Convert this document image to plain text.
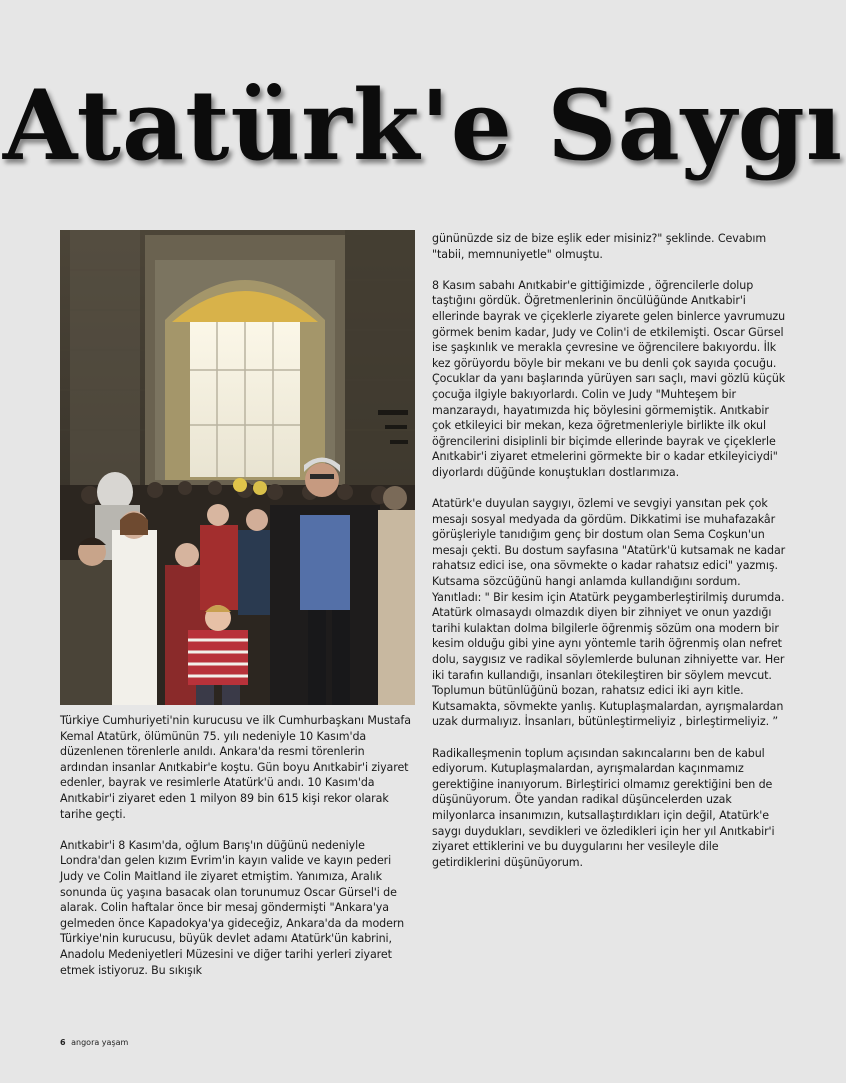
Atatürk'e Saygı

Türkiye Cumhuriyeti'nin kurucusu ve ilk Cumhurbaşkanı Mustafa Kemal Atatürk, ölümünün 75. yılı nedeniyle 10 Kasım'da düzenlenen törenlerle anıldı. Ankara'da resmi törenlerin ardından insanlar Anıtkabir'e koştu. Gün boyu Anıtkabir'i ziyaret edenler, bayrak ve resimlerle Atatürk'ü andı. 10 Kasım'da Anıtkabir'i ziyaret eden 1 milyon 89 bin 615 kişi rekor olarak tarihe geçti.

Anıtkabir'i 8 Kasım'da, oğlum Barış'ın düğünü nedeniyle Londra'dan gelen kızım Evrim'in kayın valide ve kayın pederi Judy ve Colin Maitland ile ziyaret etmiştim. Yanımıza, Aralık sonunda üç yaşına basacak olan torunumuz Oscar Gürsel'i de alarak. Colin haftalar önce bir mesaj göndermişti "Ankara'ya gelmeden önce Kapadokya'ya gideceğiz, Ankara'da da modern Türkiye'nin kurucusu, büyük devlet adamı Atatürk'ün kabrini, Anadolu Medeniyetleri Müzesini ve diğer tarihi yerleri ziyaret etmek istiyoruz. Bu sıkışık

gününüzde siz de bize eşlik eder misiniz?" şeklinde. Cevabım "tabii, memnuniyetle" olmuştu.

8 Kasım sabahı Anıtkabir'e gittiğimizde , öğrencilerle dolup taştığını gördük. Öğretmenlerinin öncülüğünde Anıtkabir'i ellerinde bayrak ve çiçeklerle ziyarete gelen binlerce yavrumuzu görmek benim kadar, Judy ve Colin'i de etkilemişti. Oscar Gürsel ise şaşkınlık ve merakla çevresine ve öğrencilere bakıyordu. İlk kez görüyordu böyle bir mekanı ve bu denli çok sayıda çocuğu. Çocuklar da yanı başlarında yürüyen sarı saçlı, mavi gözlü küçük çocuğa ilgiyle bakıyorlardı. Colin ve Judy "Muhteşem bir manzaraydı, hayatımızda hiç böylesini görmemiştik. Anıtkabir çok etkileyici bir mekan, keza öğretmenleriyle birlikte ilk okul öğrencilerini disiplinli bir biçimde ellerinde bayrak ve çiçeklerle Anıtkabir'i ziyaret etmelerini görmekte bir o kadar etkileyiciydi" diyorlardı düğünde konuştukları dostlarımıza.

Atatürk'e duyulan saygıyı, özlemi ve sevgiyi yansıtan pek çok mesajı sosyal medyada da gördüm. Dikkatimi ise muhafazakâr görüşleriyle tanıdığım genç bir dostum olan Sema Coşkun'un mesajı çekti. Bu dostum sayfasına "Atatürk'ü kutsamak ne kadar rahatsız edici ise, ona sövmekte o kadar rahatsız edici" yazmış. Kutsama sözcüğünü hangi anlamda kullandığını sordum. Yanıtladı: " Bir kesim için Atatürk peygamberleştirilmiş durumda. Atatürk olmasaydı olmazdık diyen bir zihniyet ve onun yazdığı tarihi kulaktan dolma bilgilerle öğrenmiş sözüm ona modern bir kesim olduğu gibi yine aynı yöntemle tarih öğrenmiş olan nefret dolu, saygısız ve radikal söylemlerde bulunan zihniyette var. Her iki tarafın kullandığı, insanları ötekileştiren bir söylem mevcut. Toplumun bütünlüğünü bozan, rahatsız edici iki ayrı kitle. Kutsamakta, sövmekte yanlış. Kutuplaşmalardan, ayrışmalardan uzak durmalıyız. İnsanları, bütünleştirmeliyiz , birleştirmeliyiz. ”

Radikalleşmenin toplum açısından sakıncalarını ben de kabul ediyorum. Kutuplaşmalardan, ayrışmalardan kaçınmamız gerektiğine inanıyorum. Birleştirici olmamız gerektiğini ben de düşünüyorum. Öte yandan radikal düşüncelerden uzak milyonlarca insanımızın, kutsallaştırdıkları için değil, Atatürk'e saygı duydukları, sevdikleri ve özledikleri için her yıl Anıtkabir'i ziyaret ettiklerini ve bu duygularını her vesileyle dile getirdiklerini düşünüyorum.

6 angora yaşam
